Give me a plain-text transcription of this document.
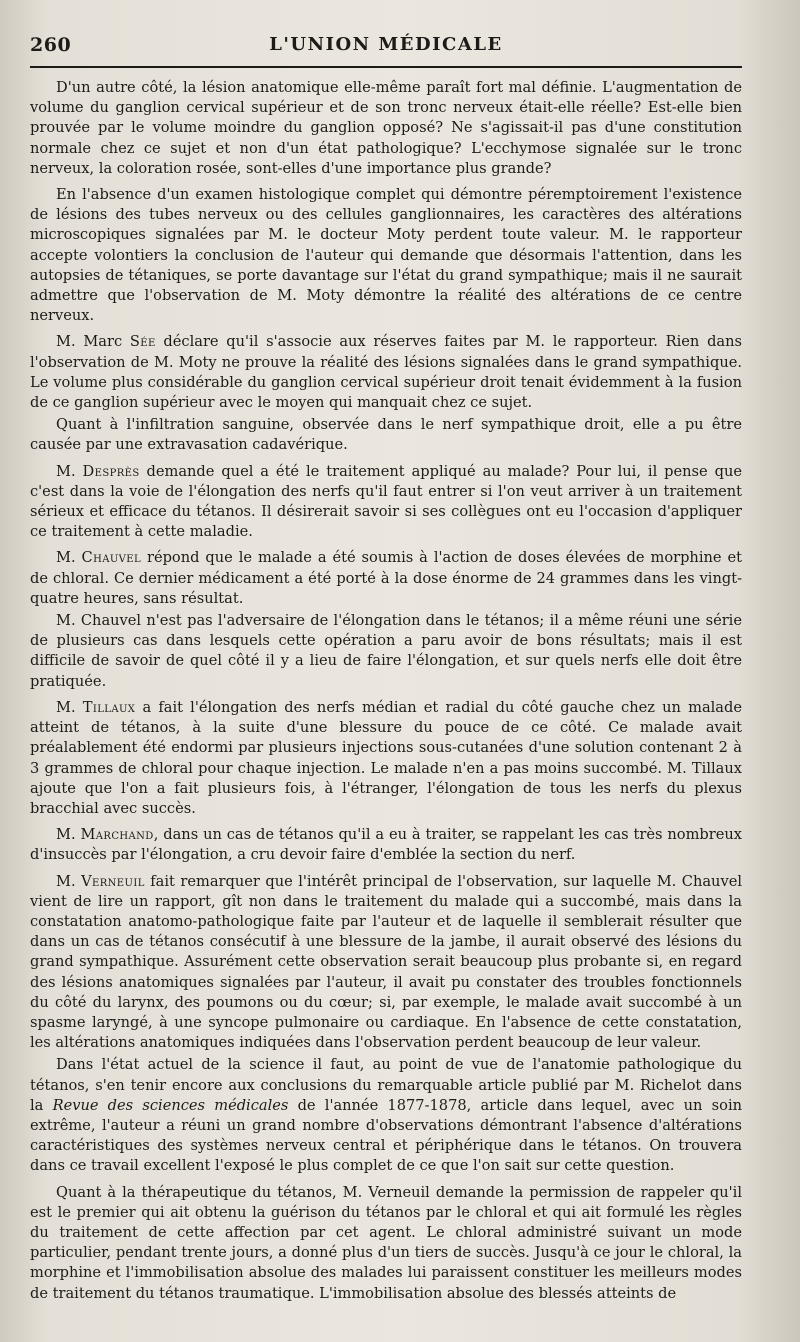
260	L'UNION MÉDICALE

D'un autre côté, la lésion anatomique elle-même paraît fort mal définie. L'augmentation de volume du ganglion cervical supérieur et de son tronc nerveux était-elle réelle? Est-elle bien prouvée par le volume moindre du ganglion opposé? Ne s'agissait-il pas d'une constitution normale chez ce sujet et non d'un état pathologique? L'ecchymose signalée sur le tronc nerveux, la coloration rosée, sont-elles d'une importance plus grande?

En l'absence d'un examen histologique complet qui démontre péremptoirement l'existence de lésions des tubes nerveux ou des cellules ganglionnaires, les caractères des altérations microscopiques signalées par M. le docteur Moty perdent toute valeur. M. le rapporteur accepte volontiers la conclusion de l'auteur qui demande que désormais l'attention, dans les autopsies de tétaniques, se porte davantage sur l'état du grand sympathique; mais il ne saurait admettre que l'observation de M. Moty démontre la réalité des altérations de ce centre nerveux.

M. Marc Sée déclare qu'il s'associe aux réserves faites par M. le rapporteur. Rien dans l'observation de M. Moty ne prouve la réalité des lésions signalées dans le grand sympathique. Le volume plus considérable du ganglion cervical supérieur droit tenait évidemment à la fusion de ce ganglion supérieur avec le moyen qui manquait chez ce sujet.

Quant à l'infiltration sanguine, observée dans le nerf sympathique droit, elle a pu être causée par une extravasation cadavérique.

M. Desprès demande quel a été le traitement appliqué au malade? Pour lui, il pense que c'est dans la voie de l'élongation des nerfs qu'il faut entrer si l'on veut arriver à un traitement sérieux et efficace du tétanos. Il désirerait savoir si ses collègues ont eu l'occasion d'appliquer ce traitement à cette maladie.

M. Chauvel répond que le malade a été soumis à l'action de doses élevées de morphine et de chloral. Ce dernier médicament a été porté à la dose énorme de 24 grammes dans les vingt-quatre heures, sans résultat.

M. Chauvel n'est pas l'adversaire de l'élongation dans le tétanos; il a même réuni une série de plusieurs cas dans lesquels cette opération a paru avoir de bons résultats; mais il est difficile de savoir de quel côté il y a lieu de faire l'élongation, et sur quels nerfs elle doit être pratiquée.

M. Tillaux a fait l'élongation des nerfs médian et radial du côté gauche chez un malade atteint de tétanos, à la suite d'une blessure du pouce de ce côté. Ce malade avait préalablement été endormi par plusieurs injections sous-cutanées d'une solution contenant 2 à 3 grammes de chloral pour chaque injection. Le malade n'en a pas moins succombé. M. Tillaux ajoute que l'on a fait plusieurs fois, à l'étranger, l'élongation de tous les nerfs du plexus bracchial avec succès.

M. Marchand, dans un cas de tétanos qu'il a eu à traiter, se rappelant les cas très nombreux d'insuccès par l'élongation, a cru devoir faire d'emblée la section du nerf.

M. Verneuil fait remarquer que l'intérêt principal de l'observation, sur laquelle M. Chauvel vient de lire un rapport, gît non dans le traitement du malade qui a succombé, mais dans la constatation anatomo-pathologique faite par l'auteur et de laquelle il semblerait résulter que dans un cas de tétanos consécutif à une blessure de la jambe, il aurait observé des lésions du grand sympathique. Assurément cette observation serait beaucoup plus probante si, en regard des lésions anatomiques signalées par l'auteur, il avait pu constater des troubles fonctionnels du côté du larynx, des poumons ou du cœur; si, par exemple, le malade avait succombé à un spasme laryngé, à une syncope pulmonaire ou cardiaque. En l'absence de cette constatation, les altérations anatomiques indiquées dans l'observation perdent beaucoup de leur valeur.

Dans l'état actuel de la science il faut, au point de vue de l'anatomie pathologique du tétanos, s'en tenir encore aux conclusions du remarquable article publié par M. Richelot dans la Revue des sciences médicales de l'année 1877-1878, article dans lequel, avec un soin extrême, l'auteur a réuni un grand nombre d'observations démontrant l'absence d'altérations caractéristiques des systèmes nerveux central et périphérique dans le tétanos. On trouvera dans ce travail excellent l'exposé le plus complet de ce que l'on sait sur cette question.

Quant à la thérapeutique du tétanos, M. Verneuil demande la permission de rappeler qu'il est le premier qui ait obtenu la guérison du tétanos par le chloral et qui ait formulé les règles du traitement de cette affection par cet agent. Le chloral administré suivant un mode particulier, pendant trente jours, a donné plus d'un tiers de succès. Jusqu'à ce jour le chloral, la morphine et l'immobilisation absolue des malades lui paraissent constituer les meilleurs modes de traitement du tétanos traumatique. L'immobilisation absolue des blessés atteints de
